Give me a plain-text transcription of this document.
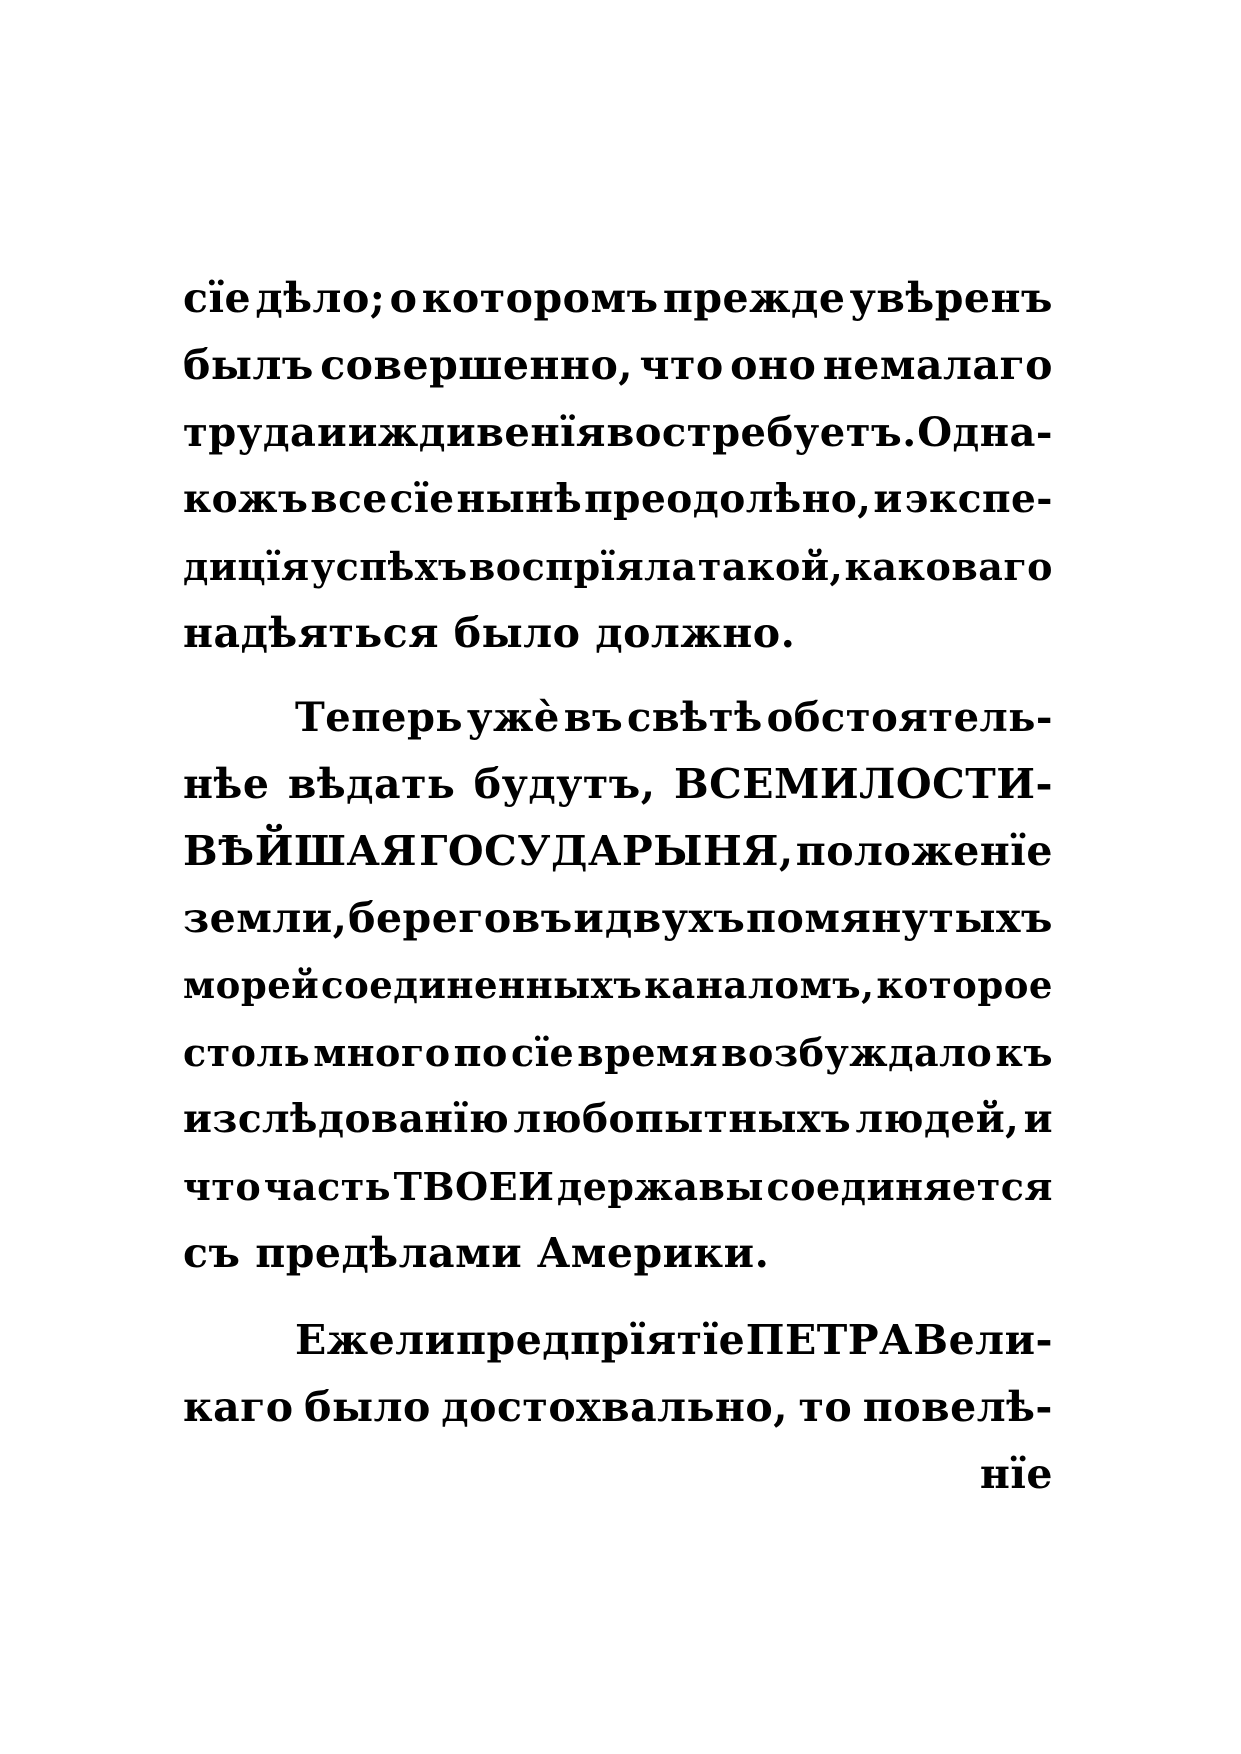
сїе дѣло; о которомъ прежде увѣренъ
былъ совершенно, что оно немалаго
труда и иждивенїя востребуетъ. Одна-
кожъ все сїе нынѣ преодолѣно, и экспе-
дицїя успѣхъ воспрїяла такой, каковаго
надѣяться было должно.
Теперь ужѐ въ свѣтѣ обстоятель-
нѣе вѣдать будутъ, ВСЕМИЛОСТИ-
ВѢЙШАЯ ГОСУДАРЫНЯ, положенїе
земли, береговъ и двухъ помянутыхъ
морей соединенныхъ каналомъ, которое
столь много по сїе время возбуждало къ
изслѣдованїю любопытныхъ людей, и
что часть ТВОЕИ державы соединяется
съ предѣлами Америки.
Ежели предпрїятїе ПЕТРА Вели-
каго было достохвально, то повелѣ-
нїе
